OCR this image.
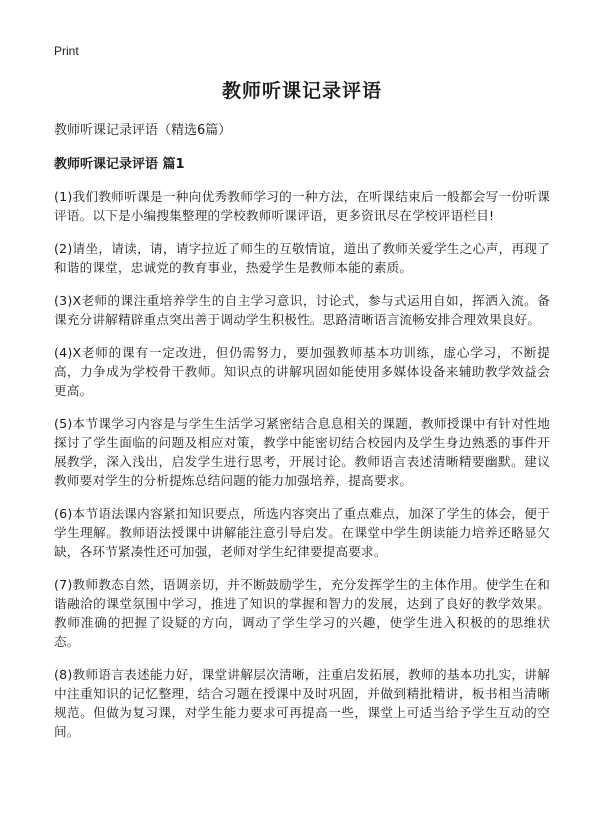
Print
教师听课记录评语
教师听课记录评语（精选6篇）
教师听课记录评语 篇1

(1)我们教师听课是一种向优秀教师学习的一种方法，在听课结束后一般都会写一份听课评语。以下是小编搜集整理的学校教师听课评语，更多资讯尽在学校评语栏目!

(2)请坐，请读，请，请字拉近了师生的互敬情谊，道出了教师关爱学生之心声，再现了和谐的课堂，忠诚党的教育事业，热爱学生是教师本能的素质。

(3)X老师的课注重培养学生的自主学习意识，讨论式，参与式运用自如，挥洒入流。备课充分讲解精辟重点突出善于调动学生积极性。思路清晰语言流畅安排合理效果良好。

(4)X老师的课有一定改进，但仍需努力，要加强教师基本功训练，虚心学习，不断提高，力争成为学校骨干教师。知识点的讲解巩固如能使用多媒体设备来辅助教学效益会更高。

(5)本节课学习内容是与学生生活学习紧密结合息息相关的课题，教师授课中有针对性地探讨了学生面临的问题及相应对策，教学中能密切结合校园内及学生身边熟悉的事件开展教学，深入浅出，启发学生进行思考，开展讨论。教师语言表述清晰精要幽默。建议教师要对学生的分析提炼总结问题的能力加强培养，提高要求。

(6)本节语法课内容紧扣知识要点，所选内容突出了重点难点，加深了学生的体会，便于学生理解。教师语法授课中讲解能注意引导启发。在课堂中学生朗读能力培养还略显欠缺，各环节紧凑性还可加强，老师对学生纪律要提高要求。

(7)教师教态自然，语调亲切，并不断鼓励学生，充分发挥学生的主体作用。使学生在和谐融洽的课堂氛围中学习，推进了知识的掌握和智力的发展，达到了良好的教学效果。教师准确的把握了设疑的方向，调动了学生学习的兴趣，使学生进入积极的的思维状态。

(8)教师语言表述能力好，课堂讲解层次清晰，注重启发拓展，教师的基本功扎实，讲解中注重知识的记忆整理，结合习题在授课中及时巩固，并做到精批精讲，板书相当清晰规范。但做为复习课，对学生能力要求可再提高一些，课堂上可适当给予学生互动的空间。
